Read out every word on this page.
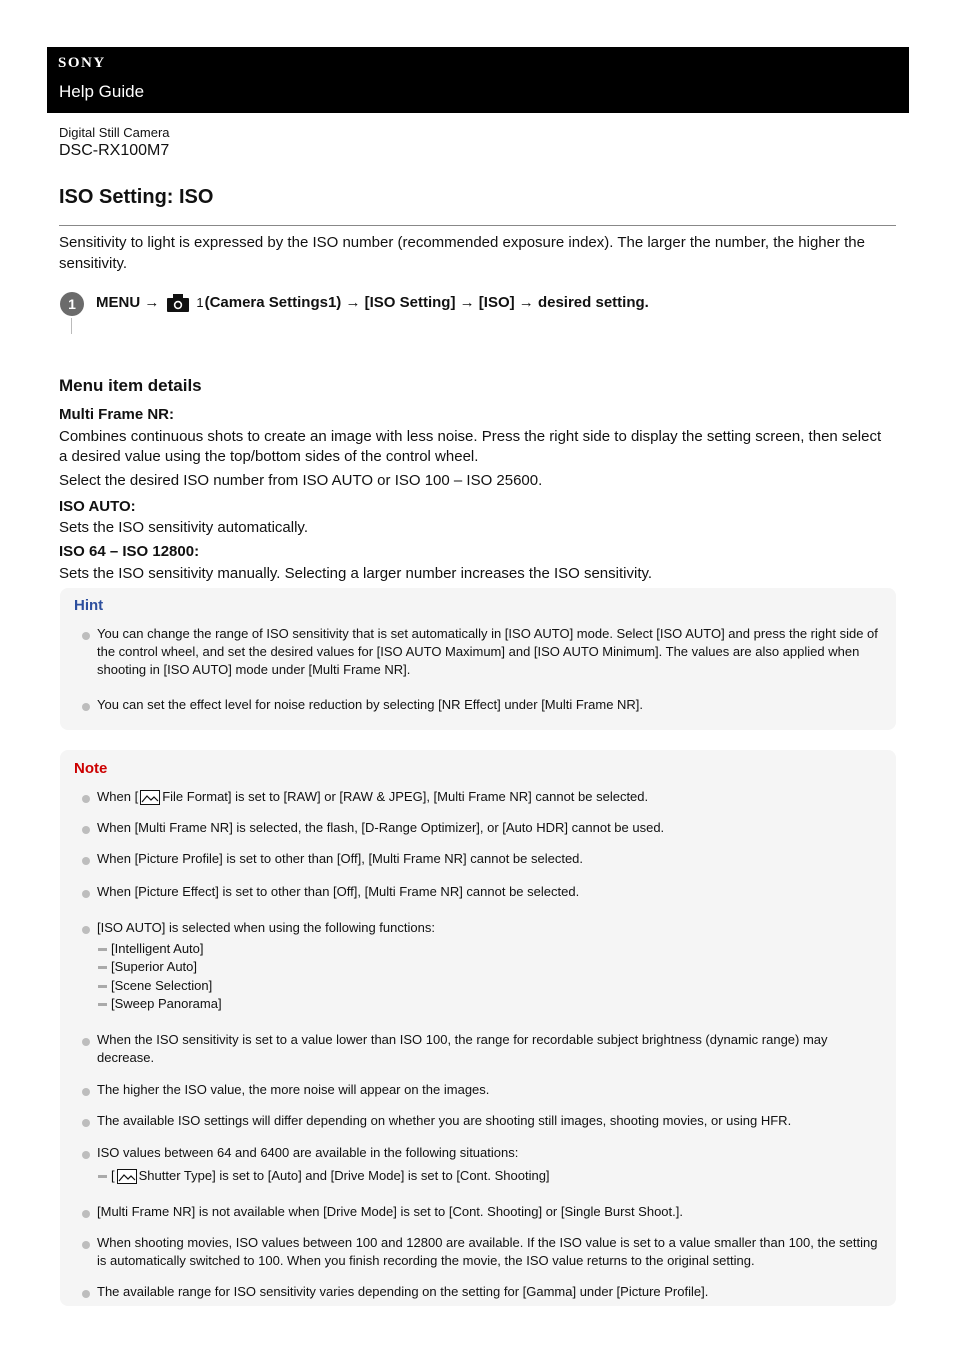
SONY
Help Guide
Digital Still Camera
DSC-RX100M7
ISO Setting: ISO
Sensitivity to light is expressed by the ISO number (recommended exposure index). The larger the number, the higher the sensitivity.
1	MENU →	1 (Camera Settings1) → [ISO Setting] → [ISO] → desired setting.
Menu item details
Multi Frame NR:
Combines continuous shots to create an image with less noise. Press the right side to display the setting screen, then select a desired value using the top/bottom sides of the control wheel.
Select the desired ISO number from ISO AUTO or ISO 100 – ISO 25600.
ISO AUTO:
Sets the ISO sensitivity automatically.
ISO 64 – ISO 12800:
Sets the ISO sensitivity manually. Selecting a larger number increases the ISO sensitivity.
Hint
You can change the range of ISO sensitivity that is set automatically in [ISO AUTO] mode. Select [ISO AUTO] and press the right side of the control wheel, and set the desired values for [ISO AUTO Maximum] and [ISO AUTO Minimum]. The values are also applied when shooting in [ISO AUTO] mode under [Multi Frame NR].
You can set the effect level for noise reduction by selecting [NR Effect] under [Multi Frame NR].
Note
When [ File Format] is set to [RAW] or [RAW & JPEG], [Multi Frame NR] cannot be selected.
When [Multi Frame NR] is selected, the flash, [D-Range Optimizer], or [Auto HDR] cannot be used.
When [Picture Profile] is set to other than [Off], [Multi Frame NR] cannot be selected.
When [Picture Effect] is set to other than [Off], [Multi Frame NR] cannot be selected.
[ISO AUTO] is selected when using the following functions:
[Intelligent Auto]
[Superior Auto]
[Scene Selection]
[Sweep Panorama]
When the ISO sensitivity is set to a value lower than ISO 100, the range for recordable subject brightness (dynamic range) may decrease.
The higher the ISO value, the more noise will appear on the images.
The available ISO settings will differ depending on whether you are shooting still images, shooting movies, or using HFR.
ISO values between 64 and 6400 are available in the following situations:
[ Shutter Type] is set to [Auto] and [Drive Mode] is set to [Cont. Shooting]
[Multi Frame NR] is not available when [Drive Mode] is set to [Cont. Shooting] or [Single Burst Shoot.].
When shooting movies, ISO values between 100 and 12800 are available. If the ISO value is set to a value smaller than 100, the setting is automatically switched to 100. When you finish recording the movie, the ISO value returns to the original setting.
The available range for ISO sensitivity varies depending on the setting for [Gamma] under [Picture Profile].
